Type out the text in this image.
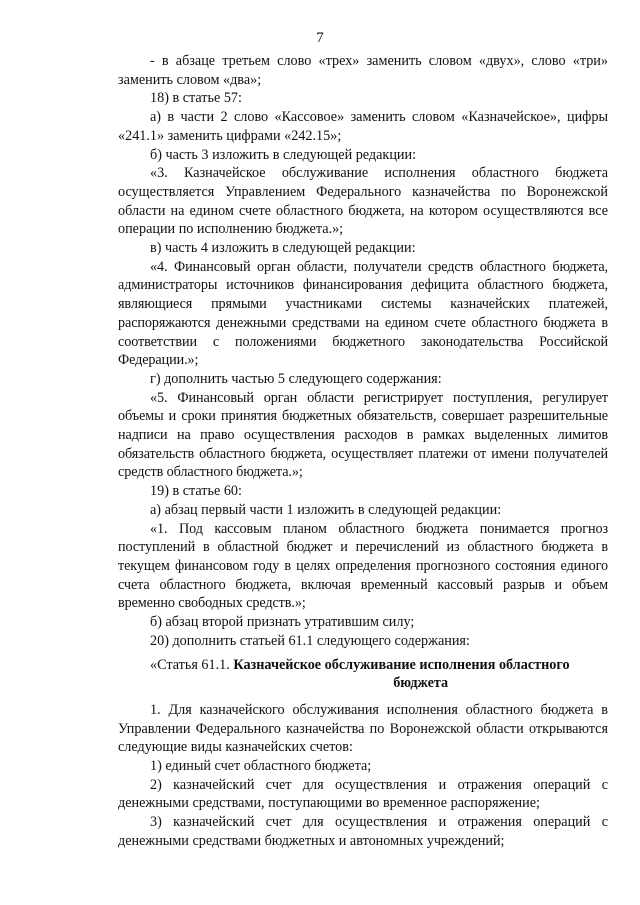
7

- в абзаце третьем слово «трех» заменить словом «двух», слово «три» заменить словом «два»;

18) в статье 57:

а) в части 2 слово «Кассовое» заменить словом «Казначейское», цифры «241.1» заменить цифрами «242.15»;

б) часть 3 изложить в следующей редакции:

«3. Казначейское обслуживание исполнения областного бюджета осуществляется Управлением Федерального казначейства по Воронежской области на едином счете областного бюджета, на котором осуществляются все операции по исполнению бюджета.»;

в) часть 4 изложить в следующей редакции:

«4. Финансовый орган области, получатели средств областного бюджета, администраторы источников финансирования дефицита областного бюджета, являющиеся прямыми участниками системы казначейских платежей, распоряжаются денежными средствами на едином счете областного бюджета в соответствии с положениями бюджетного законодательства Российской Федерации.»;

г) дополнить частью 5 следующего содержания:

«5. Финансовый орган области регистрирует поступления, регулирует объемы и сроки принятия бюджетных обязательств, совершает разрешительные надписи на право осуществления расходов в рамках выделенных лимитов обязательств областного бюджета, осуществляет платежи от имени получателей средств областного бюджета.»;

19) в статье 60:

а) абзац первый части 1 изложить в следующей редакции:

«1. Под кассовым планом областного бюджета понимается прогноз поступлений в областной бюджет и перечислений из областного бюджета в текущем финансовом году в целях определения прогнозного состояния единого счета областного бюджета, включая временный кассовый разрыв и объем временно свободных средств.»;

б) абзац второй признать утратившим силу;

20) дополнить статьей 61.1 следующего содержания:

«Статья 61.1. Казначейское обслуживание исполнения областного
бюджета

1. Для казначейского обслуживания исполнения областного бюджета в Управлении Федерального казначейства по Воронежской области открываются следующие виды казначейских счетов:

1) единый счет областного бюджета;

2) казначейский счет для осуществления и отражения операций с денежными средствами, поступающими во временное распоряжение;

3) казначейский счет для осуществления и отражения операций с денежными средствами бюджетных и автономных учреждений;
